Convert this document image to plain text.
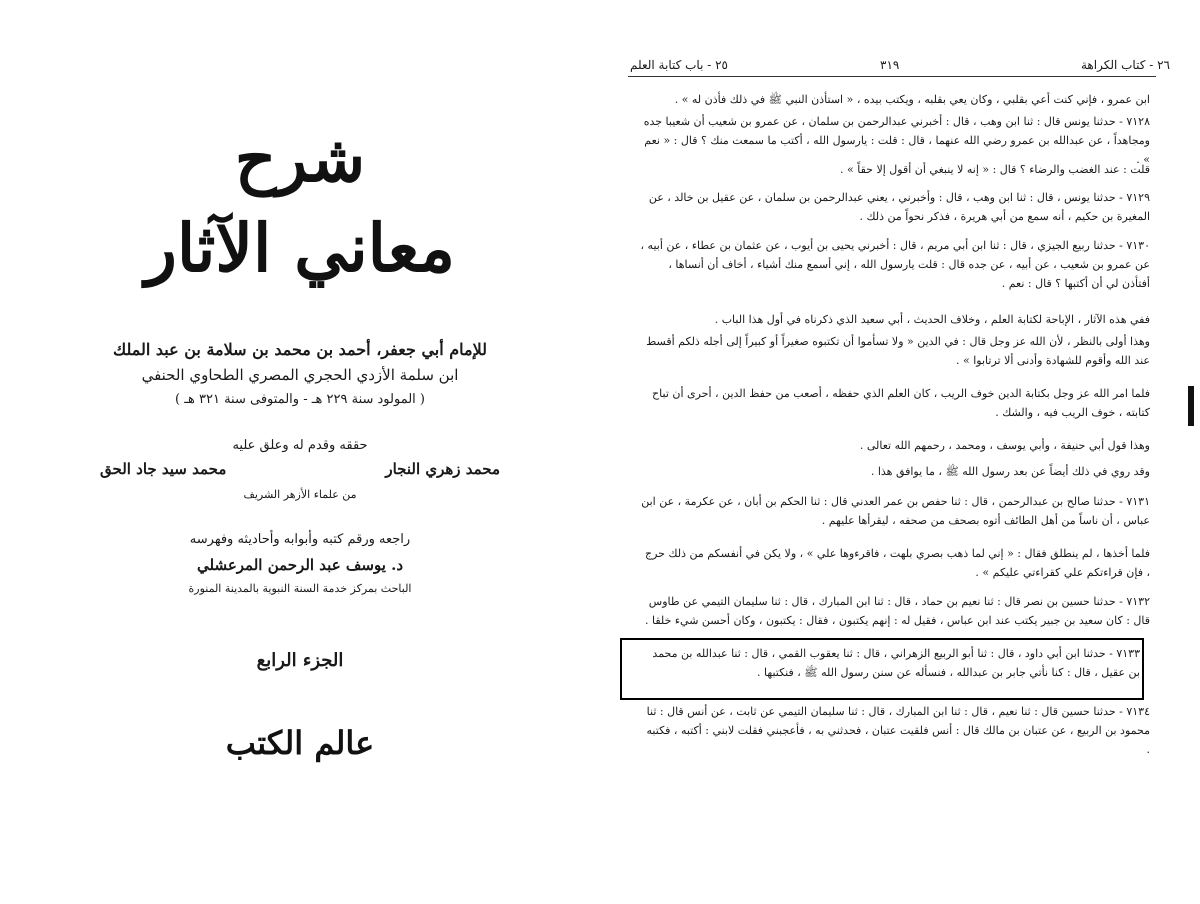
شرح
معاني الآثار
للإمام أبي جعفر، أحمد بن محمد بن سلامة بن عبد الملك
ابن سلمة الأزدي الحجري المصري الطحاوي الحنفي
( المولود سنة ٢٢٩ هـ - والمتوفى سنة ٣٢١ هـ )
حققه وقدم له وعلق عليه
محمد زهري النجار
محمد سيد جاد الحق
من علماء الأزهر الشريف
راجعه ورقم كتبه وأبوابه وأحاديثه وفهرسه
د. يوسف عبد الرحمن المرعشلي
الباحث بمركز خدمة السنة النبوية بالمدينة المنورة
الجزء الرابع
عالم الكتب
٢٦ - كتاب الكراهة
٣١٩
٢٥ - باب كتابة العلم
ابن عمرو ، فإني كنت أعي بقلبي ، وكان يعي بقلبه ، ويكتب بيده ، « استأذن النبي ﷺ في ذلك فأذن له » .
٧١٢٨ - حدثنا يونس قال : ثنا ابن وهب ، قال : أخبرني عبدالرحمن بن سلمان ، عن عمرو بن شعيب أن شعيبا جده ومجاهداً ، عن عبدالله بن عمرو رضي الله عنهما ، قال : قلت : يارسول الله ، أكتب ما سمعت منك ؟ قال : « نعم » .
قلت : عند الغضب والرضاء ؟ قال : « إنه لا ينبغي أن أقول إلا حقاً » .
٧١٢٩ - حدثنا يونس ، قال : ثنا ابن وهب ، قال : وأخبرني ، يعني عبدالرحمن بن سلمان ، عن عقيل بن خالد ، عن المغيرة بن حكيم ، أنه سمع من أبي هريرة ، فذكر نحواً من ذلك .
٧١٣٠ - حدثنا ربيع الجيزي ، قال : ثنا ابن أبي مريم ، قال : أخبرني يحيى بن أيوب ، عن عثمان بن عطاء ، عن أبيه ، عن عمرو بن شعيب ، عن أبيه ، عن جده قال : قلت يارسول الله ، إني أسمع منك أشياء ، أخاف أن أنساها ، أفتأذن لي أن أكتبها ؟ قال : نعم .
ففي هذه الآثار ، الإباحة لكتابة العلم ، وخلاف الحديث ، أبي سعيد الذي ذكرناه في أول هذا الباب .
وهذا أولى بالنظر ، لأن الله عز وجل قال : في الدين « ولا تسأموا أن تكتبوه صغيراً أو كبيراً إلى أجله ذلكم أقسط عند الله وأقوم للشهادة وأدنى ألا ترتابوا » .
فلما امر الله عز وجل بكتابة الدين خوف الريب ، كان العلم الذي حفظه ، أصعب من حفظ الدين ، أحرى أن تباح كتابته ، خوف الريب فيه ، والشك .
وهذا قول أبي حنيفة ، وأبي يوسف ، ومحمد ، رحمهم الله تعالى .
وقد روي في ذلك أيضاً عن بعد رسول الله ﷺ ، ما يوافق هذا .
٧١٣١ - حدثنا صالح بن عبدالرحمن ، قال : ثنا حفص بن عمر العدني قال : ثنا الحكم بن أبان ، عن عكرمة ، عن ابن عباس ، أن ناساً من أهل الطائف أتوه بصحف من صحفه ، ليقرأها عليهم .
فلما أخذها ، لم ينطلق فقال : « إني لما ذهب بصري بلهت ، فاقرءوها علي » ، ولا يكن في أنفسكم من ذلك حرج ، فإن قراءتكم علي كقراءتي عليكم » .
٧١٣٢ - حدثنا حسين بن نصر قال : ثنا نعيم بن حماد ، قال : ثنا ابن المبارك ، قال : ثنا سليمان التيمي عن طاوس قال : كان سعيد بن جبير يكتب عند ابن عباس ، فقيل له : إنهم يكتبون ، فقال : يكتبون ، وكان أحسن شيء خلقا .
٧١٣٣ - حدثنا ابن أبي داود ، قال : ثنا أبو الربيع الزهراني ، قال : ثنا يعقوب القمي ، قال : ثنا عبدالله بن محمد بن عقيل ، قال : كنا نأتي جابر بن عبدالله ، فنسأله عن سنن رسول الله ﷺ ، فنكتبها .
٧١٣٤ - حدثنا حسين قال : ثنا نعيم ، قال : ثنا ابن المبارك ، قال : ثنا سليمان التيمي عن ثابت ، عن أنس قال : ثنا محمود بن الربيع ، عن عتبان بن مالك قال : أنس فلقيت عتبان ، فحدثني به ، فأعجبني فقلت لابني : أكتبه ، فكتبه .
